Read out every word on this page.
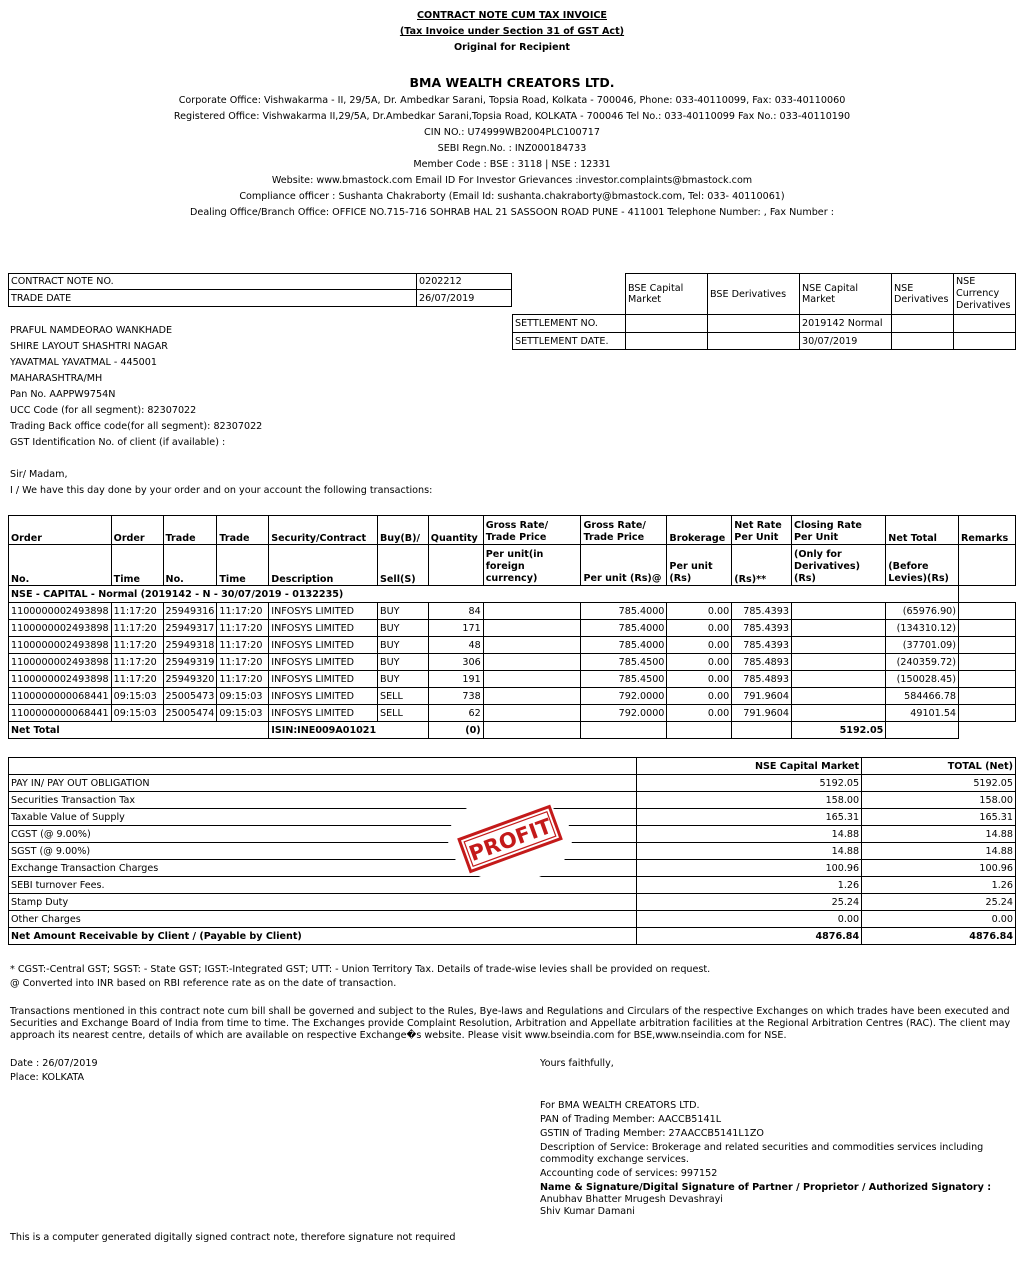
CONTRACT NOTE CUM TAX INVOICE
(Tax Invoice under Section 31 of GST Act)
Original for Recipient
BMA WEALTH CREATORS LTD.
Corporate Office: Vishwakarma - II, 29/5A, Dr. Ambedkar Sarani, Topsia Road, Kolkata - 700046, Phone: 033-40110099, Fax: 033-40110060
Registered Office: Vishwakarma II,29/5A, Dr.Ambedkar Sarani,Topsia Road, KOLKATA - 700046 Tel No.: 033-40110099 Fax No.: 033-40110190
CIN NO.: U74999WB2004PLC100717
SEBI Regn.No. : INZ000184733
Member Code : BSE : 3118 | NSE : 12331
Website: www.bmastock.com Email ID For Investor Grievances :investor.complaints@bmastock.com
Compliance officer : Sushanta Chakraborty (Email Id: sushanta.chakraborty@bmastock.com, Tel: 033- 40110061)
Dealing Office/Branch Office: OFFICE NO.715-716 SOHRAB HAL 21 SASSOON ROAD PUNE - 411001 Telephone Number: , Fax Number :
CONTRACT NOTE NO.	0202212
TRADE DATE	26/07/2019
	BSE Capital Market	BSE Derivatives	NSE Capital Market	NSE Derivatives	NSE Currency Derivatives
SETTLEMENT NO.			2019142 Normal		
SETTLEMENT DATE.			30/07/2019		
PRAFUL NAMDEORAO WANKHADE
SHIRE LAYOUT SHASHTRI NAGAR
YAVATMAL YAVATMAL - 445001
MAHARASHTRA/MH
Pan No. AAPPW9754N
UCC Code (for all segment): 82307022
Trading Back office code(for all segment): 82307022
GST Identification No. of client (if available) :
Sir/ Madam,
I / We have this day done by your order and on your account the following transactions:
Order	Order	Trade	Trade	Security/Contract	Buy(B)/	Quantity	Gross Rate/ Trade Price	Gross Rate/ Trade Price	Brokerage	Net Rate Per Unit	Closing Rate Per Unit	Net Total	Remarks
No.	Time	No.	Time	Description	Sell(S)		Per unit(in foreign currency)	Per unit (Rs)@	Per unit (Rs)	(Rs)**	(Only for Derivatives) (Rs)	(Before Levies)(Rs)	
NSE - CAPITAL - Normal (2019142 - N - 30/07/2019 - 0132235)													
1100000002493898	11:17:20	25949316	11:17:20	INFOSYS LIMITED	BUY	84		785.4000	0.00	785.4393		(65976.90)	
1100000002493898	11:17:20	25949317	11:17:20	INFOSYS LIMITED	BUY	171		785.4000	0.00	785.4393		(134310.12)	
1100000002493898	11:17:20	25949318	11:17:20	INFOSYS LIMITED	BUY	48		785.4000	0.00	785.4393		(37701.09)	
1100000002493898	11:17:20	25949319	11:17:20	INFOSYS LIMITED	BUY	306		785.4500	0.00	785.4893		(240359.72)	
1100000002493898	11:17:20	25949320	11:17:20	INFOSYS LIMITED	BUY	191		785.4500	0.00	785.4893		(150028.45)	
1100000000068441	09:15:03	25005473	09:15:03	INFOSYS LIMITED	SELL	738		792.0000	0.00	791.9604		584466.78	
1100000000068441	09:15:03	25005474	09:15:03	INFOSYS LIMITED	SELL	62		792.0000	0.00	791.9604		49101.54	
Net Total				ISIN:INE009A01021		(0)					5192.05		
	NSE Capital Market	TOTAL (Net)
PAY IN/ PAY OUT OBLIGATION	5192.05	5192.05
Securities Transaction Tax	158.00	158.00
Taxable Value of Supply	165.31	165.31
CGST (@ 9.00%)	14.88	14.88
SGST (@ 9.00%)	14.88	14.88
Exchange Transaction Charges	100.96	100.96
SEBI turnover Fees.	1.26	1.26
Stamp Duty	25.24	25.24
Other Charges	0.00	0.00
Net Amount Receivable by Client / (Payable by Client)	4876.84	4876.84
PROFIT
* CGST:-Central GST; SGST: - State GST; IGST:-Integrated GST; UTT: - Union Territory Tax. Details of trade-wise levies shall be provided on request.
@ Converted into INR based on RBI reference rate as on the date of transaction.
Transactions mentioned in this contract note cum bill shall be governed and subject to the Rules, Bye-laws and Regulations and Circulars of the respective Exchanges on which trades have been executed and Securities and Exchange Board of India from time to time. The Exchanges provide Complaint Resolution, Arbitration and Appellate arbitration facilities at the Regional Arbitration Centres (RAC). The client may approach its nearest centre, details of which are available on respective Exchange�s website. Please visit www.bseindia.com for BSE,www.nseindia.com for NSE.
Date : 26/07/2019
Place: KOLKATA
Yours faithfully,
For BMA WEALTH CREATORS LTD.
PAN of Trading Member: AACCB5141L
GSTIN of Trading Member: 27AACCB5141L1ZO
Description of Service: Brokerage and related securities and commodities services including commodity exchange services.
Accounting code of services: 997152
Name & Signature/Digital Signature of Partner / Proprietor / Authorized Signatory :
Anubhav Bhatter Mrugesh Devashrayi
Shiv Kumar Damani
This is a computer generated digitally signed contract note, therefore signature not required
